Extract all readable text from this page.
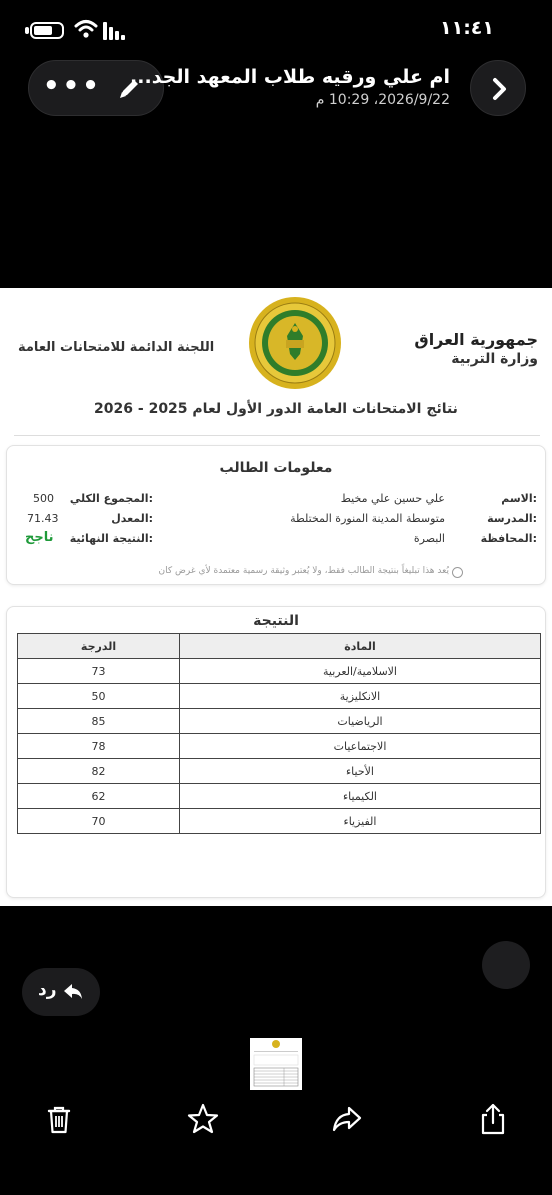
١١:٤١
••• ام علي ورقيه طلاب المعهد الجد...
2026/9/22، 10:29 م
جمهورية العراق
وزارة التربية
اللجنة الدائمة للامتحانات العامة
نتائج الامتحانات العامة الدور الأول لعام 2025 - 2026
معلومات الطالب
الاسم:
علي حسين علي مخيط
المدرسة:
متوسطة المدينة المنورة المختلطة
المحافظة:
البصرة
المجموع الكلي:
500
المعدل:
71.43
النتيجة النهائية:
ناجح
يُعد هذا تبليغاً بنتيجة الطالب فقط، ولا يُعتبر وثيقة رسمية معتمدة لأي غرض كان
النتيجة
الدرجة	المادة
73	الاسلامية/العربية
50	الانكليزية
85	الرياضيات
78	الاجتماعيات
82	الأحياء
62	الكيمياء
70	الفيزياء
رد
